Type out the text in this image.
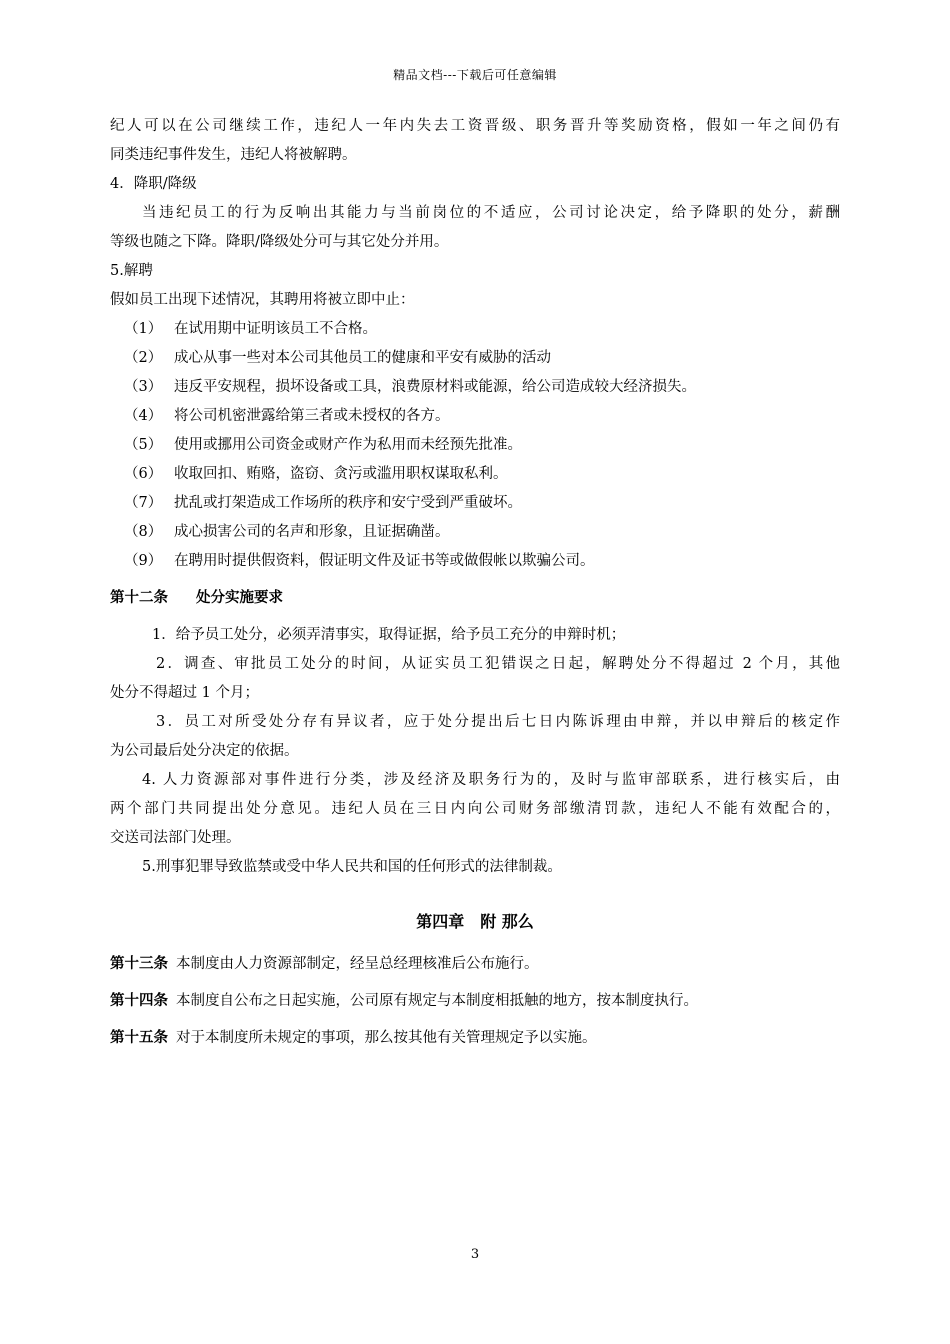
精品文档---下载后可任意编辑
纪人可以在公司继续工作，违纪人一年内失去工资晋级、职务晋升等奖励资格，假如一年之间仍有
同类违纪事件发生，违纪人将被解聘。
4．降职/降级
当违纪员工的行为反响出其能力与当前岗位的不适应，公司讨论决定，给予降职的处分，薪酬
等级也随之下降。降职/降级处分可与其它处分并用。
5.解聘
假如员工出现下述情况，其聘用将被立即中止：
（1） 在试用期中证明该员工不合格。
（2） 成心从事一些对本公司其他员工的健康和平安有威胁的活动
（3） 违反平安规程，损坏设备或工具，浪费原材料或能源，给公司造成较大经济损失。
（4） 将公司机密泄露给第三者或未授权的各方。
（5） 使用或挪用公司资金或财产作为私用而未经预先批准。
（6） 收取回扣、贿赂，盗窃、贪污或滥用职权谋取私利。
（7） 扰乱或打架造成工作场所的秩序和安宁受到严重破坏。
（8） 成心损害公司的名声和形象，且证据确凿。
（9） 在聘用时提供假资料，假证明文件及证书等或做假帐以欺骗公司。
第十二条 处分实施要求
1．给予员工处分，必须弄清事实，取得证据，给予员工充分的申辩时机；
2．调查、审批员工处分的时间，从证实员工犯错误之日起，解聘处分不得超过 2 个月，其他
处分不得超过 1 个月；
3．员工对所受处分存有异议者，应于处分提出后七日内陈诉理由申辩，并以申辩后的核定作
为公司最后处分决定的依据。
4. 人力资源部对事件进行分类，涉及经济及职务行为的，及时与监审部联系，进行核实后，由
两个部门共同提出处分意见。违纪人员在三日内向公司财务部缴清罚款，违纪人不能有效配合的，
交送司法部门处理。
5.刑事犯罪导致监禁或受中华人民共和国的任何形式的法律制裁。
第四章　附 那么
第十三条 本制度由人力资源部制定，经呈总经理核准后公布施行。
第十四条 本制度自公布之日起实施，公司原有规定与本制度相抵触的地方，按本制度执行。
第十五条 对于本制度所未规定的事项，那么按其他有关管理规定予以实施。
3
